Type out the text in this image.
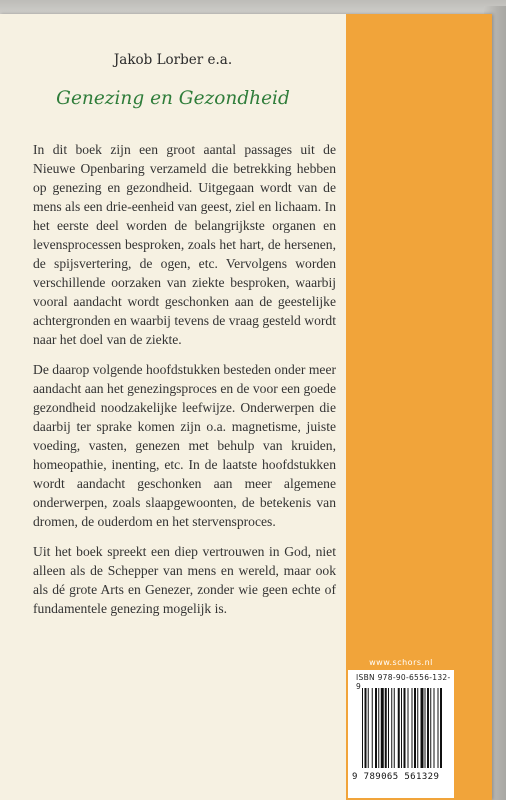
Jakob Lorber e.a.
Genezing en Gezondheid

In dit boek zijn een groot aantal passages uit de Nieuwe Openbaring verzameld die betrekking hebben op genezing en gezondheid. Uitgegaan wordt van de mens als een drie-eenheid van geest, ziel en lichaam. In het eerste deel worden de belangrijkste organen en levensprocessen besproken, zoals het hart, de hersenen, de spijsvertering, de ogen, etc. Vervolgens worden verschillende oorzaken van ziekte besproken, waarbij vooral aandacht wordt geschonken aan de geestelijke achtergronden en waarbij tevens de vraag gesteld wordt naar het doel van de ziekte.

De daarop volgende hoofdstukken besteden onder meer aandacht aan het genezingsproces en de voor een goede gezondheid noodzakelijke leefwijze. Onderwerpen die daarbij ter sprake komen zijn o.a. magnetisme, juiste voeding, vasten, genezen met behulp van kruiden, homeopathie, inenting, etc. In de laatste hoofdstukken wordt aandacht geschonken aan meer algemene onderwerpen, zoals slaapgewoonten, de betekenis van dromen, de ouderdom en het stervensproces.

Uit het boek spreekt een diep vertrouwen in God, niet alleen als de Schepper van mens en wereld, maar ook als dé grote Arts en Genezer, zonder wie geen echte of fundamentele genezing mogelijk is.

www.schors.nl
ISBN 978-90-6556-132-9
9 789065 561329
